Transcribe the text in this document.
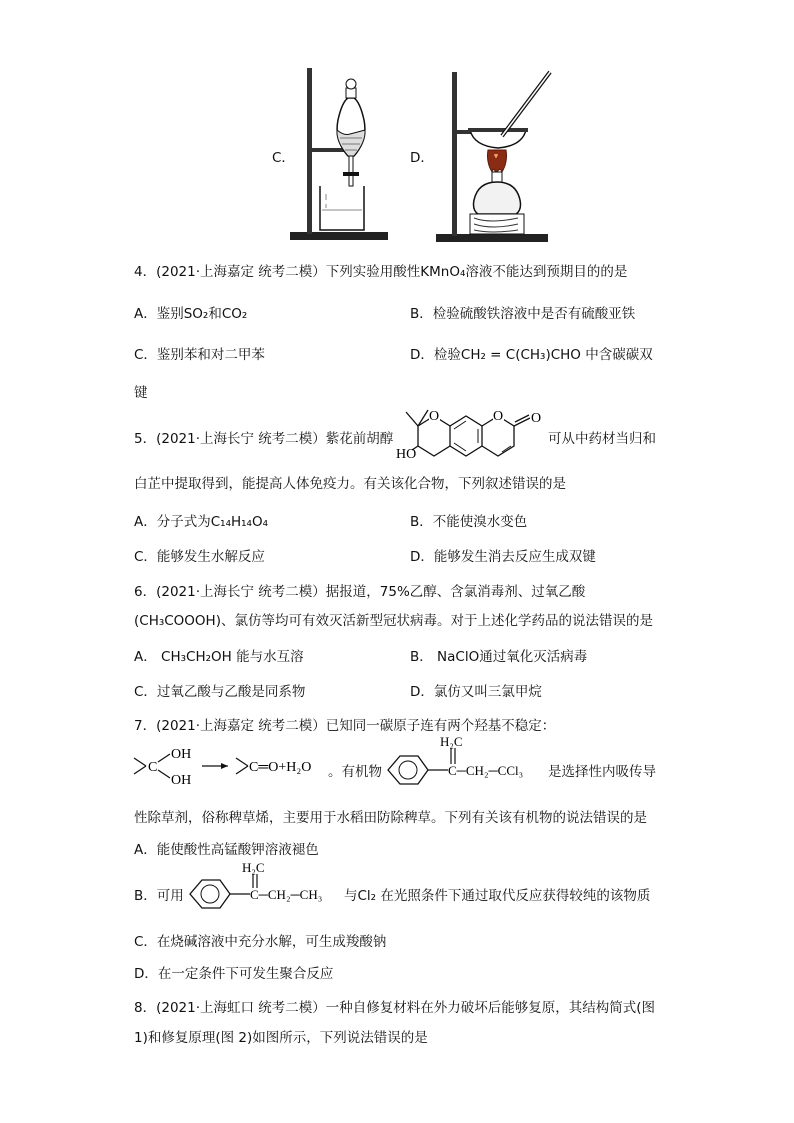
C．	D．
4．(2021·上海嘉定 统考二模）下列实验用酸性KMnO₄溶液不能达到预期目的的是
A．鉴别SO₂和CO₂	B．检验硫酸铁溶液中是否有硫酸亚铁
C．鉴别苯和对二甲苯	D．检验CH₂ = C(CH₃)CHO 中含碳碳双
键
5．(2021·上海长宁 统考二模）紫花前胡醇
O	O O
HO
可从中药材当归和
白芷中提取得到，能提高人体免疫力。有关该化合物，下列叙述错误的是
A．分子式为C₁₄H₁₄O₄	B．不能使溴水变色
C．能够发生水解反应	D．能够发生消去反应生成双键
6．(2021·上海长宁 统考二模）据报道，75%乙醇、含氯消毒剂、过氧乙酸
(CH₃COOOH)、氯仿等均可有效灭活新型冠状病毒。对于上述化学药品的说法错误的是
A． CH₃CH₂OH 能与水互溶	B． NaClO通过氧化灭活病毒
C．过氧乙酸与乙酸是同系物	D．氯仿又叫三氯甲烷
7．(2021·上海嘉定 统考二模）已知同一碳原子连有两个羟基不稳定：
C
OH
OH
C═O+H₂O 。有机物
H₂C
C─CH₂─CCl₃ 是选择性内吸传导
性除草剂，俗称稗草烯，主要用于水稻田防除稗草。下列有关该有机物的说法错误的是
A．能使酸性高锰酸钾溶液褪色
B．可用
H₂C
C─CH₂─CH₃ 与Cl₂ 在光照条件下通过取代反应获得较纯的该物质
C．在烧碱溶液中充分水解，可生成羧酸钠
D．在一定条件下可发生聚合反应
8．(2021·上海虹口 统考二模）一种自修复材料在外力破坏后能够复原，其结构简式(图
1)和修复原理(图 2)如图所示，下列说法错误的是
